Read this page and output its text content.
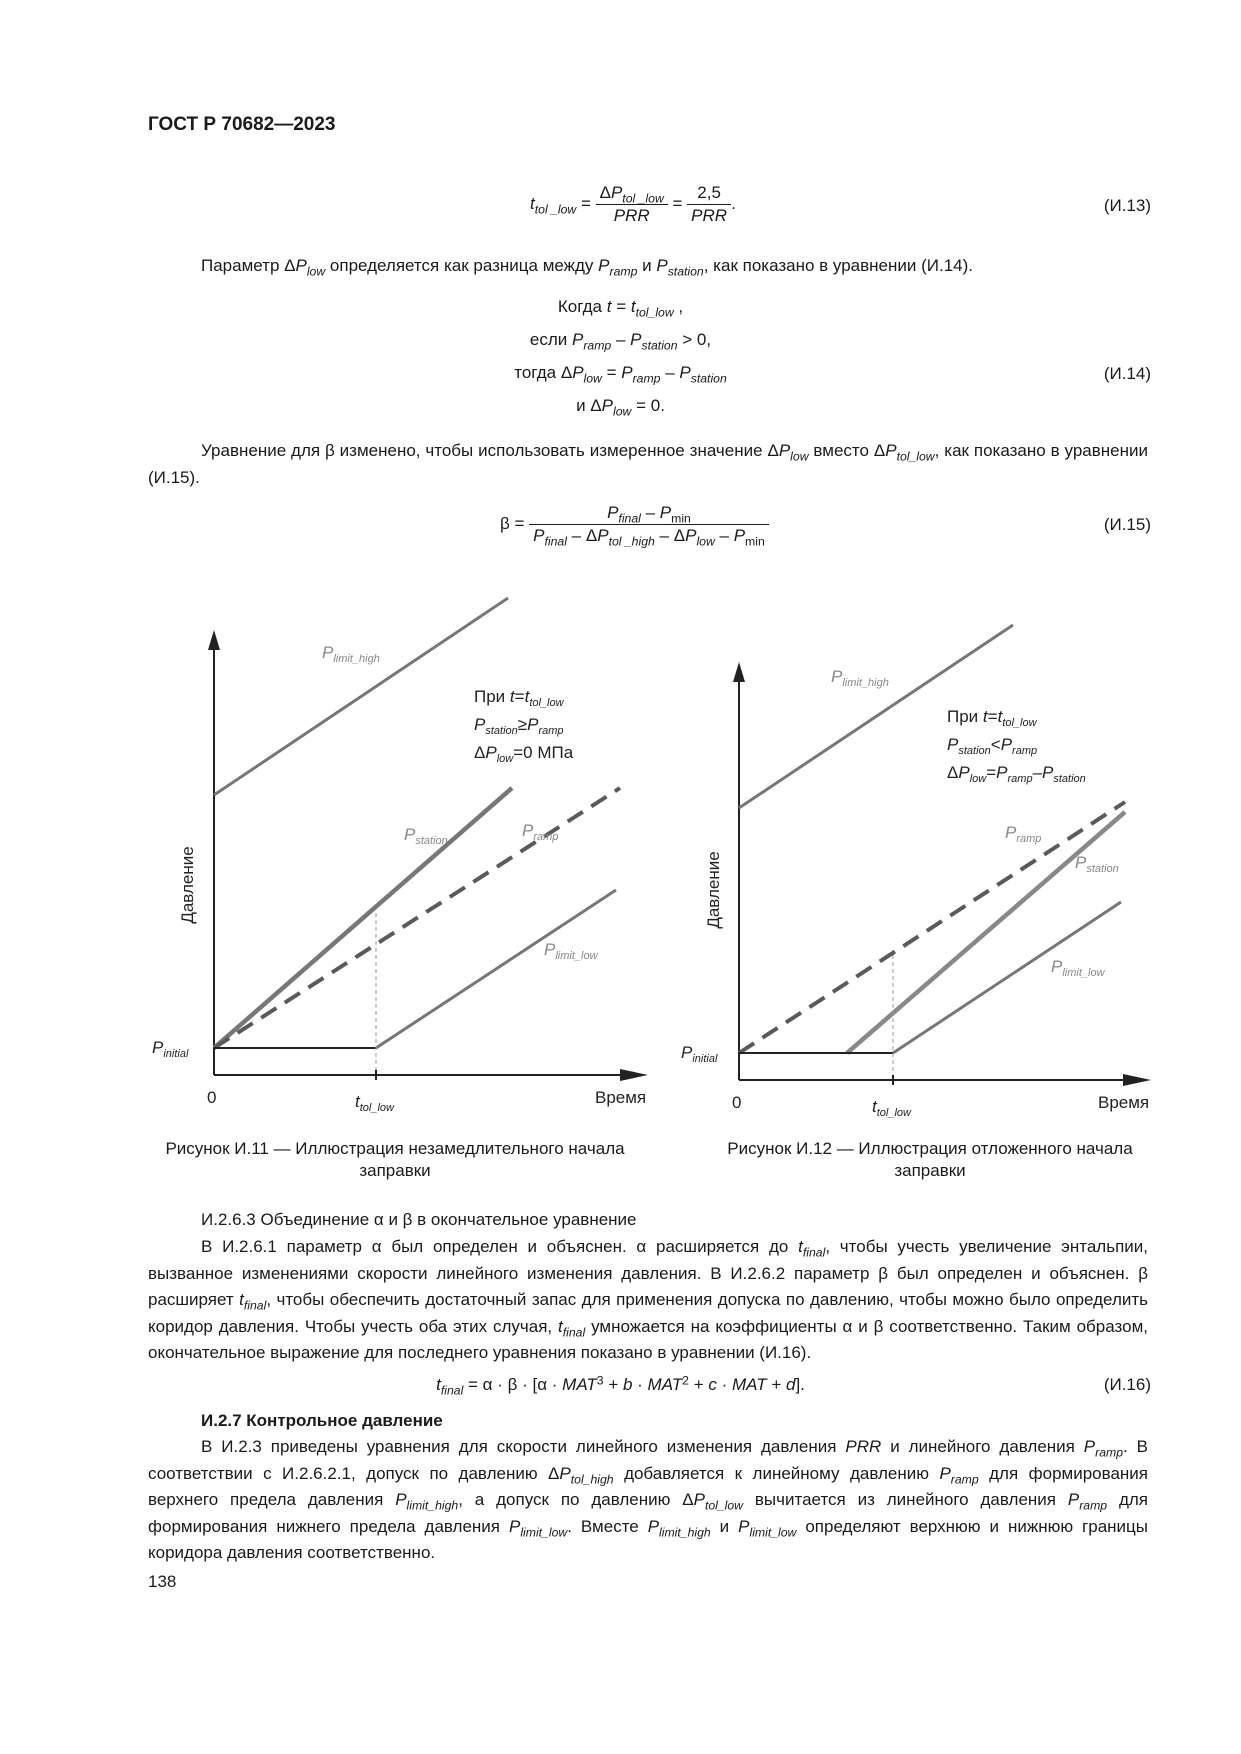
ГОСТ Р 70682—2023
$t_{tol \_low} = \frac{\Delta P_{tol \_low}}{\text{PRR}} = \frac{2,5}{\text{PRR}}$ .	(И.13)
Параметр $\Delta P_{low}$ определяется как разница между $P_{ramp}$ и $P_{station}$, как показано в уравнении (И.14).
Когда $t = t_{tol\_low}$ ,
если $P_{ramp} - P_{station} > 0$,
тогда $\Delta P_{low} = P_{ramp} - P_{station}$
и $\Delta P_{low} = 0$.
(И.14)
Уравнение для β изменено, чтобы использовать измеренное значение $\Delta P_{low}$ вместо $\Delta P_{tol\_low}$, как показано в уравнении (И.15).
$\beta = \frac{P_{final} - P_{min}}{P_{final} - \Delta P_{tol \_high} - \Delta P_{low} - P_{min}}$	(И.15)
Давление
0	Время
$t_{tol\_low}$
$P_{initial}$
$P_{limit\_high}$
$P_{station}$
$P_{ramp}$
$P_{limit\_low}$
При $t=t_{tol\_low}$
$P_{station}\ge P_{ramp}$
$\Delta P_{low}=0$ МПа
Давление
0	Время
$t_{tol\_low}$
$P_{initial}$
$P_{limit\_high}$
$P_{ramp}$
$P_{station}$
$P_{limit\_low}$
При $t=t_{tol\_low}$
$P_{station}<P_{ramp}$
$\Delta P_{low}=P_{ramp}-P_{station}$
Рисунок И.11 — Иллюстрация незамедлительного начала заправки
Рисунок И.12 — Иллюстрация отложенного начала заправки
И.2.6.3 Объединение α и β в окончательное уравнение
В И.2.6.1 параметр α был определен и объяснен. α расширяется до $t_{final}$, чтобы учесть увеличение энтальпии, вызванное изменениями скорости линейного изменения давления. В И.2.6.2 параметр β был определен и объяснен. β расширяет $t_{final}$, чтобы обеспечить достаточный запас для применения допуска по давлению, чтобы можно было определить коридор давления. Чтобы учесть оба этих случая, $t_{final}$ умножается на коэффициенты α и β соответственно. Таким образом, окончательное выражение для последнего уравнения показано в уравнении (И.16).
$t_{final} = \alpha \cdot \beta \cdot [\alpha \cdot MAT^3 + b \cdot MAT^2 + c$ · MAT + d].	(И.16)
И.2.7 Контрольное давление
В И.2.3 приведены уравнения для скорости линейного изменения давления PRR и линейного давления $P_{ramp}$. В соответствии с И.2.6.2.1, допуск по давлению $\Delta P_{tol\_high}$ добавляется к линейному давлению $P_{ramp}$ для формирования верхнего предела давления $P_{limit\_high}$, а допуск по давлению $\Delta P_{tol\_low}$ вычитается из линейного давления $P_{ramp}$ для формирования нижнего предела давления $P_{limit\_low}$. Вместе $P_{limit\_high}$ и $P_{limit\_low}$ определяют верхнюю и нижнюю границы коридора давления соответственно.
138
